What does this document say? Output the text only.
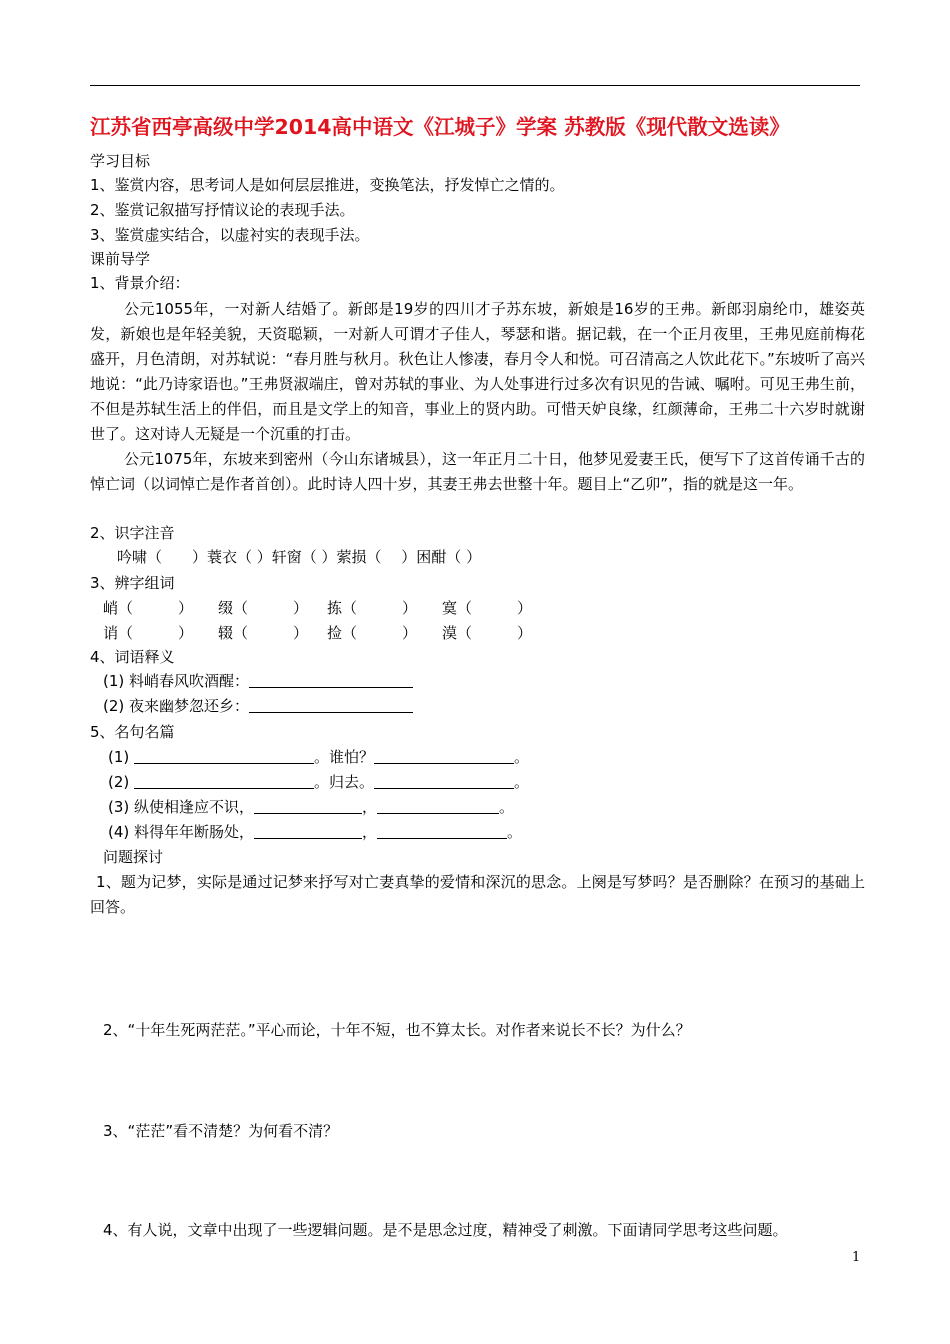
江苏省西亭高级中学2014高中语文《江城子》学案 苏教版《现代散文选读》
学习目标
1、鉴赏内容，思考词人是如何层层推进，变换笔法，抒发悼亡之情的。
2、鉴赏记叙描写抒情议论的表现手法。
3、鉴赏虚实结合，以虚衬实的表现手法。
课前导学
1、背景介绍：

公元1055年，一对新人结婚了。新郎是19岁的四川才子苏东坡，新娘是16岁的王弗。新郎羽扇纶巾，雄姿英发，新娘也是年轻美貌，天资聪颖，一对新人可谓才子佳人，琴瑟和谐。据记载，在一个正月夜里，王弗见庭前梅花盛开，月色清朗，对苏轼说：“春月胜与秋月。秋色让人惨凄，春月令人和悦。可召清高之人饮此花下。”东坡听了高兴地说：“此乃诗家语也。”王弗贤淑端庄，曾对苏轼的事业、为人处事进行过多次有识见的告诫、嘱咐。可见王弗生前，不但是苏轼生活上的伴侣，而且是文学上的知音，事业上的贤内助。可惜天妒良缘，红颜薄命，王弗二十六岁时就谢世了。这对诗人无疑是一个沉重的打击。

公元1075年，东坡来到密州（今山东诸城县），这一年正月二十日，他梦见爱妻王氏，便写下了这首传诵千古的悼亡词（以词悼亡是作者首创）。此时诗人四十岁，其妻王弗去世整十年。题目上“乙卯”，指的就是这一年。

2、识字注音
吟啸（　　）蓑衣（ ）轩窗（ ）萦损（　 ）困酣（ ）
3、辨字组词
峭（　　　） 缀（　　　） 拣（　　　） 寞（　　　）
诮（　　　） 辍（　　　） 捡（　　　） 漠（　　　）
4、词语释义
(1) 料峭春风吹酒醒：
(2) 夜来幽梦忽还乡：
5、名句名篇
(1)	。谁怕？	。
(2)	。归去。	。
(3) 纵使相逢应不识，	，	。
(4) 料得年年断肠处，	，	。
问题探讨

1、题为记梦，实际是通过记梦来抒写对亡妻真挚的爱情和深沉的思念。上阕是写梦吗？是否删除？在预习的基础上回答。

2、“十年生死两茫茫。”平心而论，十年不短，也不算太长。对作者来说长不长？为什么？
3、“茫茫”看不清楚？为何看不清？
4、有人说，文章中出现了一些逻辑问题。是不是思念过度，精神受了刺激。下面请同学思考这些问题。
1
